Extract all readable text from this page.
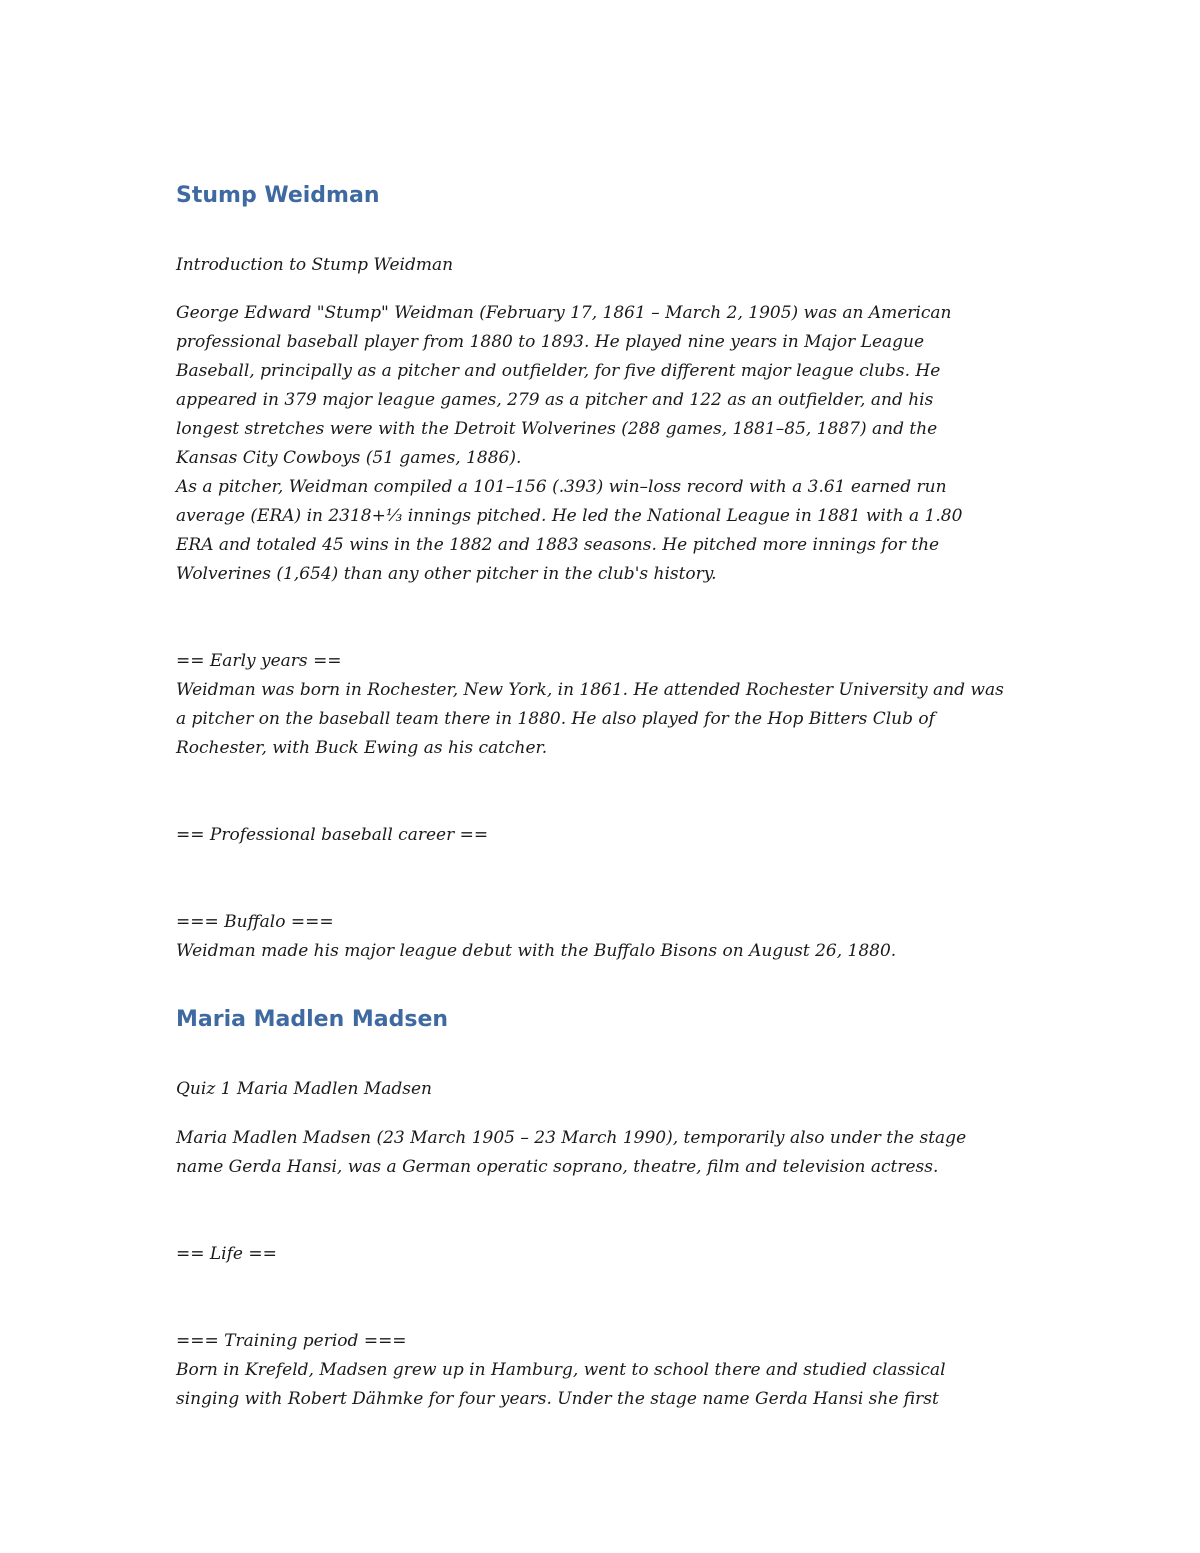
Stump Weidman

Introduction to Stump Weidman

George Edward "Stump" Weidman (February 17, 1861 – March 2, 1905) was an American

professional baseball player from 1880 to 1893. He played nine years in Major League

Baseball, principally as a pitcher and outfielder, for five different major league clubs. He

appeared in 379 major league games, 279 as a pitcher and 122 as an outfielder, and his

longest stretches were with the Detroit Wolverines (288 games, 1881–85, 1887) and the

Kansas City Cowboys (51 games, 1886).

As a pitcher, Weidman compiled a 101–156 (.393) win–loss record with a 3.61 earned run

average (ERA) in 2318+⅓ innings pitched. He led the National League in 1881 with a 1.80

ERA and totaled 45 wins in the 1882 and 1883 seasons. He pitched more innings for the

Wolverines (1,654) than any other pitcher in the club's history.

== Early years ==

Weidman was born in Rochester, New York, in 1861. He attended Rochester University and was

a pitcher on the baseball team there in 1880. He also played for the Hop Bitters Club of

Rochester, with Buck Ewing as his catcher.

== Professional baseball career ==

=== Buffalo ===

Weidman made his major league debut with the Buffalo Bisons on August 26, 1880.

Maria Madlen Madsen

Quiz 1 Maria Madlen Madsen

Maria Madlen Madsen (23 March 1905 – 23 March 1990), temporarily also under the stage

name Gerda Hansi, was a German operatic soprano, theatre, film and television actress.

== Life ==

=== Training period ===

Born in Krefeld, Madsen grew up in Hamburg, went to school there and studied classical

singing with Robert Dähmke for four years. Under the stage name Gerda Hansi she first
